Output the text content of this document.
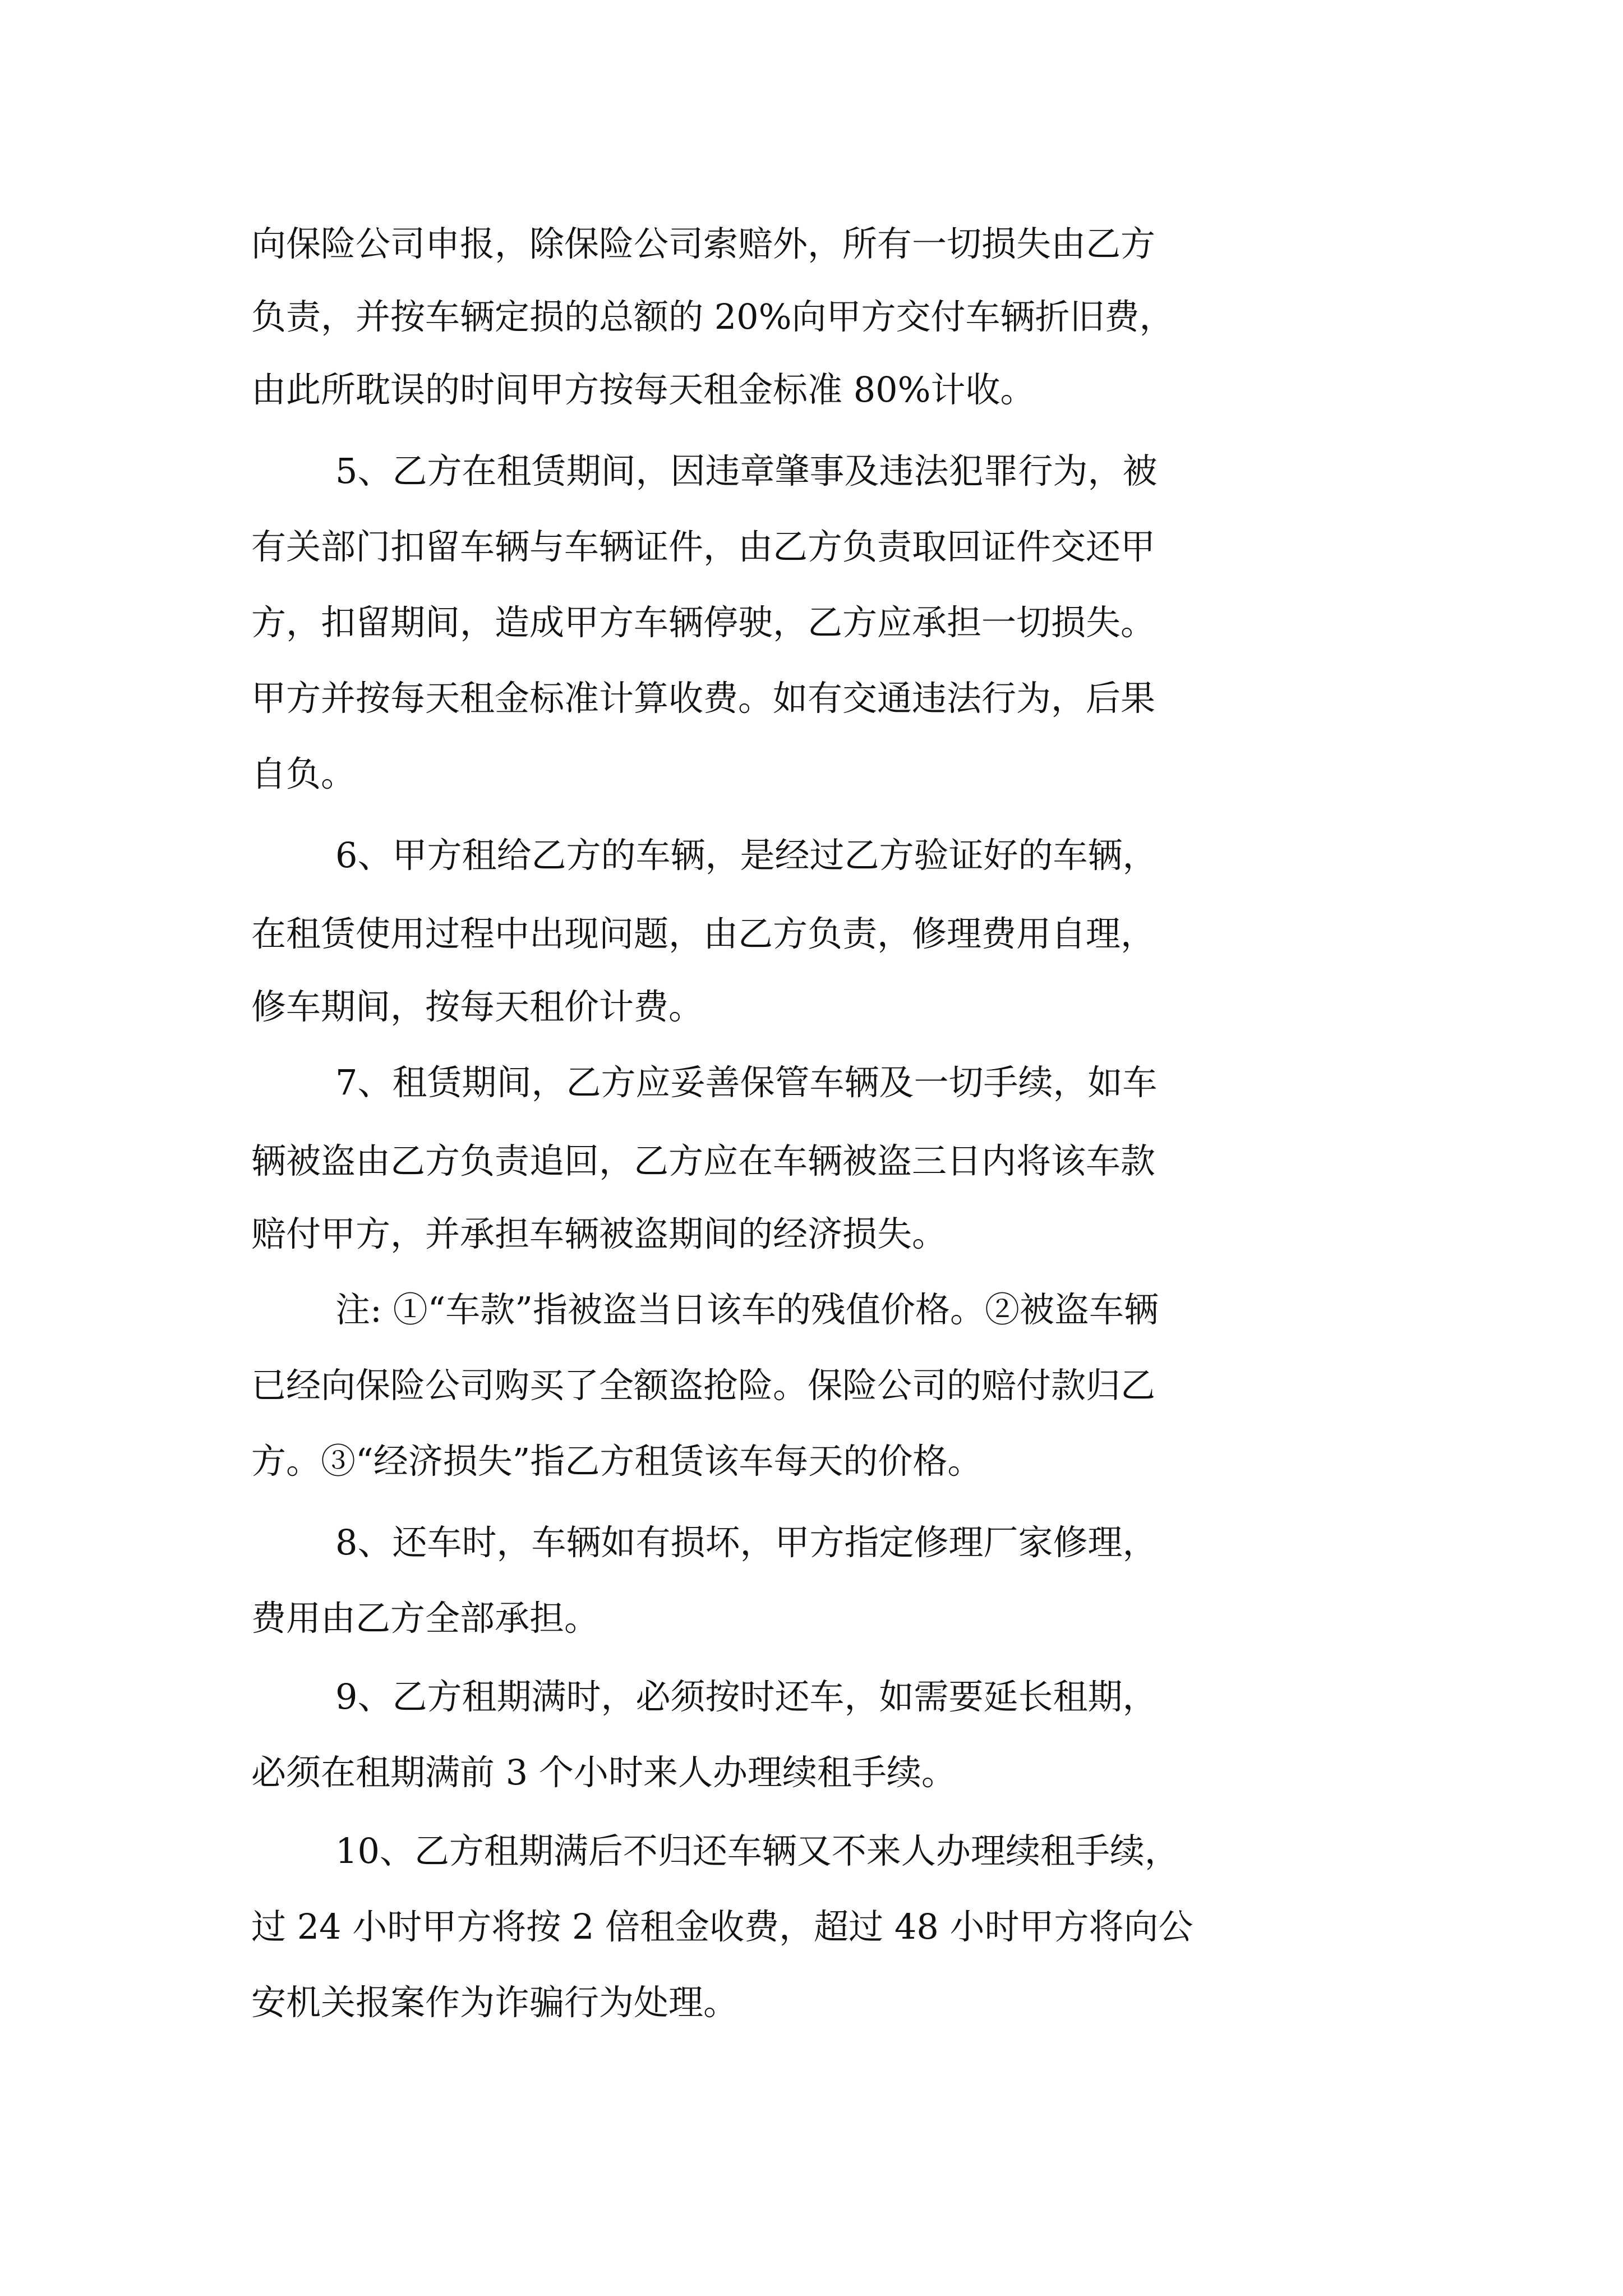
向保险公司申报，除保险公司索赔外，所有一切损失由乙方
负责，并按车辆定损的总额的 20%向甲方交付车辆折旧费，
由此所耽误的时间甲方按每天租金标准 80%计收。
5、乙方在租赁期间，因违章肇事及违法犯罪行为，被
有关部门扣留车辆与车辆证件，由乙方负责取回证件交还甲
方，扣留期间，造成甲方车辆停驶，乙方应承担一切损失。
甲方并按每天租金标准计算收费。如有交通违法行为，后果
自负。
6、甲方租给乙方的车辆，是经过乙方验证好的车辆，
在租赁使用过程中出现问题，由乙方负责，修理费用自理，
修车期间，按每天租价计费。
7、租赁期间，乙方应妥善保管车辆及一切手续，如车
辆被盗由乙方负责追回，乙方应在车辆被盗三日内将该车款
赔付甲方，并承担车辆被盗期间的经济损失。
注: ①“车款”指被盗当日该车的残值价格。②被盗车辆
已经向保险公司购买了全额盗抢险。保险公司的赔付款归乙
方。③“经济损失”指乙方租赁该车每天的价格。
8、还车时，车辆如有损坏，甲方指定修理厂家修理，
费用由乙方全部承担。
9、乙方租期满时，必须按时还车，如需要延长租期，
必须在租期满前 3 个小时来人办理续租手续。
10、乙方租期满后不归还车辆又不来人办理续租手续，
过 24 小时甲方将按 2 倍租金收费，超过 48 小时甲方将向公
安机关报案作为诈骗行为处理。
